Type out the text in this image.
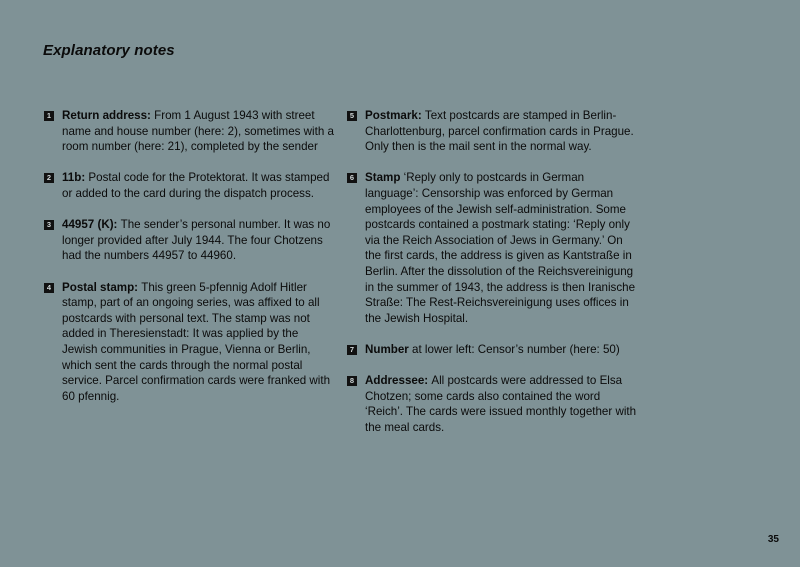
Explanatory notes
1 Return address: From 1 August 1943 with street name and house number (here: 2), sometimes with a room number (here: 21), completed by the sender
2 11b: Postal code for the Protektorat. It was stamped or added to the card during the dispatch process.
3 44957 (K): The sender’s personal number. It was no longer provided after July 1944. The four Chotzens had the numbers 44957 to 44960.
4 Postal stamp: This green 5-pfennig Adolf Hitler stamp, part of an ongoing series, was affixed to all postcards with personal text. The stamp was not added in Theresienstadt: It was applied by the Jewish communities in Prague, Vienna or Berlin, which sent the cards through the normal postal service. Parcel confirmation cards were franked with 60 pfennig.
5 Postmark: Text postcards are stamped in Berlin-Charlottenburg, parcel confirmation cards in Prague. Only then is the mail sent in the normal way.
6 Stamp ‘Reply only to postcards in German language’: Censorship was enforced by German employees of the Jewish self-administration. Some postcards contained a postmark stating: ‘Reply only via the Reich Association of Jews in Germany.’ On the first cards, the address is given as Kantstraße in Berlin. After the dissolution of the Reichsvereinigung in the summer of 1943, the address is then Iranische Straße: The Rest-Reichsvereinigung uses offices in the Jewish Hospital.
7 Number at lower left: Censor’s number (here: 50)
8 Addressee: All postcards were addressed to Elsa Chotzen; some cards also contained the word ‘Reich’. The cards were issued monthly together with the meal cards.
35
